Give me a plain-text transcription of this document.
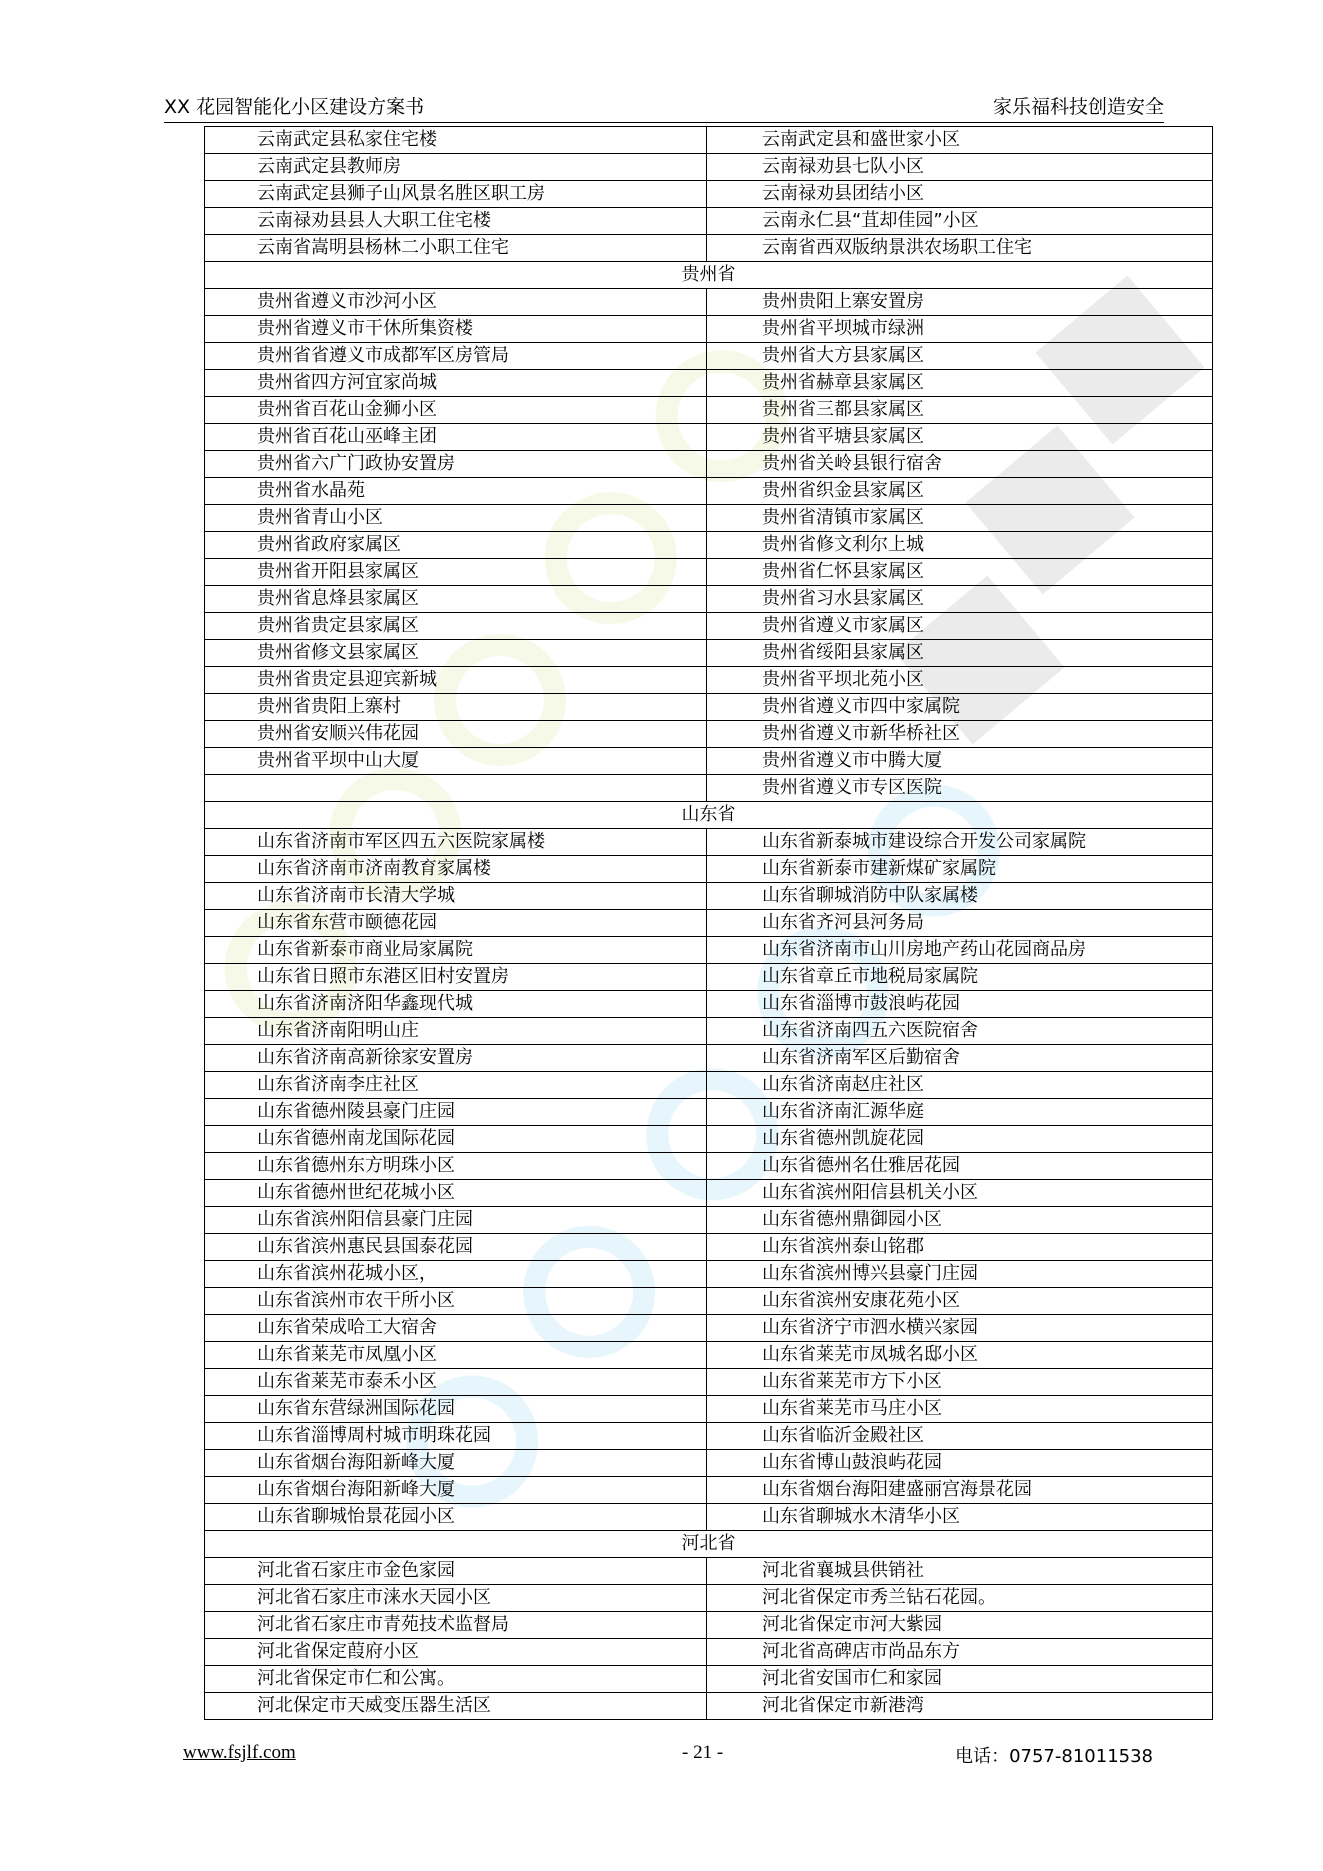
XX 花园智能化小区建设方案书	家乐福科技创造安全
云南武定县私家住宅楼	云南武定县和盛世家小区
云南武定县教师房	云南禄劝县七队小区
云南武定县狮子山风景名胜区职工房	云南禄劝县团结小区
云南禄劝县县人大职工住宅楼	云南永仁县“苴却佳园”小区
云南省嵩明县杨林二小职工住宅	云南省西双版纳景洪农场职工住宅
贵州省	
贵州省遵义市沙河小区	贵州贵阳上寨安置房
贵州省遵义市干休所集资楼	贵州省平坝城市绿洲
贵州省省遵义市成都军区房管局	贵州省大方县家属区
贵州省四方河宜家尚城	贵州省赫章县家属区
贵州省百花山金狮小区	贵州省三都县家属区
贵州省百花山巫峰主团	贵州省平塘县家属区
贵州省六广门政协安置房	贵州省关岭县银行宿舍
贵州省水晶苑	贵州省织金县家属区
贵州省青山小区	贵州省清镇市家属区
贵州省政府家属区	贵州省修文利尔上城
贵州省开阳县家属区	贵州省仁怀县家属区
贵州省息烽县家属区	贵州省习水县家属区
贵州省贵定县家属区	贵州省遵义市家属区
贵州省修文县家属区	贵州省绥阳县家属区
贵州省贵定县迎宾新城	贵州省平坝北苑小区
贵州省贵阳上寨村	贵州省遵义市四中家属院
贵州省安顺兴伟花园	贵州省遵义市新华桥社区
贵州省平坝中山大厦	贵州省遵义市中腾大厦
	贵州省遵义市专区医院
山东省	
山东省济南市军区四五六医院家属楼	山东省新泰城市建设综合开发公司家属院
山东省济南市济南教育家属楼	山东省新泰市建新煤矿家属院
山东省济南市长清大学城	山东省聊城消防中队家属楼
山东省东营市颐德花园	山东省齐河县河务局
山东省新泰市商业局家属院	山东省济南市山川房地产药山花园商品房
山东省日照市东港区旧村安置房	山东省章丘市地税局家属院
山东省济南济阳华鑫现代城	山东省淄博市鼓浪屿花园
山东省济南阳明山庄	山东省济南四五六医院宿舍
山东省济南高新徐家安置房	山东省济南军区后勤宿舍
山东省济南李庄社区	山东省济南赵庄社区
山东省德州陵县豪门庄园	山东省济南汇源华庭
山东省德州南龙国际花园	山东省德州凯旋花园
山东省德州东方明珠小区	山东省德州名仕雅居花园
山东省德州世纪花城小区	山东省滨州阳信县机关小区
山东省滨州阳信县豪门庄园	山东省德州鼎御园小区
山东省滨州惠民县国泰花园	山东省滨州泰山铭郡
山东省滨州花城小区，	山东省滨州博兴县豪门庄园
山东省滨州市农干所小区	山东省滨州安康花苑小区
山东省荣成哈工大宿舍	山东省济宁市泗水横兴家园
山东省莱芜市凤凰小区	山东省莱芜市凤城名邸小区
山东省莱芜市泰禾小区	山东省莱芜市方下小区
山东省东营绿洲国际花园	山东省莱芜市马庄小区
山东省淄博周村城市明珠花园	山东省临沂金殿社区
山东省烟台海阳新峰大厦	山东省博山鼓浪屿花园
山东省烟台海阳新峰大厦	山东省烟台海阳建盛丽宫海景花园
山东省聊城怡景花园小区	山东省聊城水木清华小区
河北省	
河北省石家庄市金色家园	河北省襄城县供销社
河北省石家庄市涞水天园小区	河北省保定市秀兰钻石花园。
河北省石家庄市青苑技术监督局	河北省保定市河大紫园
河北省保定葭府小区	河北省高碑店市尚品东方
河北省保定市仁和公寓。	河北省安国市仁和家园
河北保定市天威变压器生活区	河北省保定市新港湾
www.fsjlf.com	- 21 -	电话：0757-81011538
